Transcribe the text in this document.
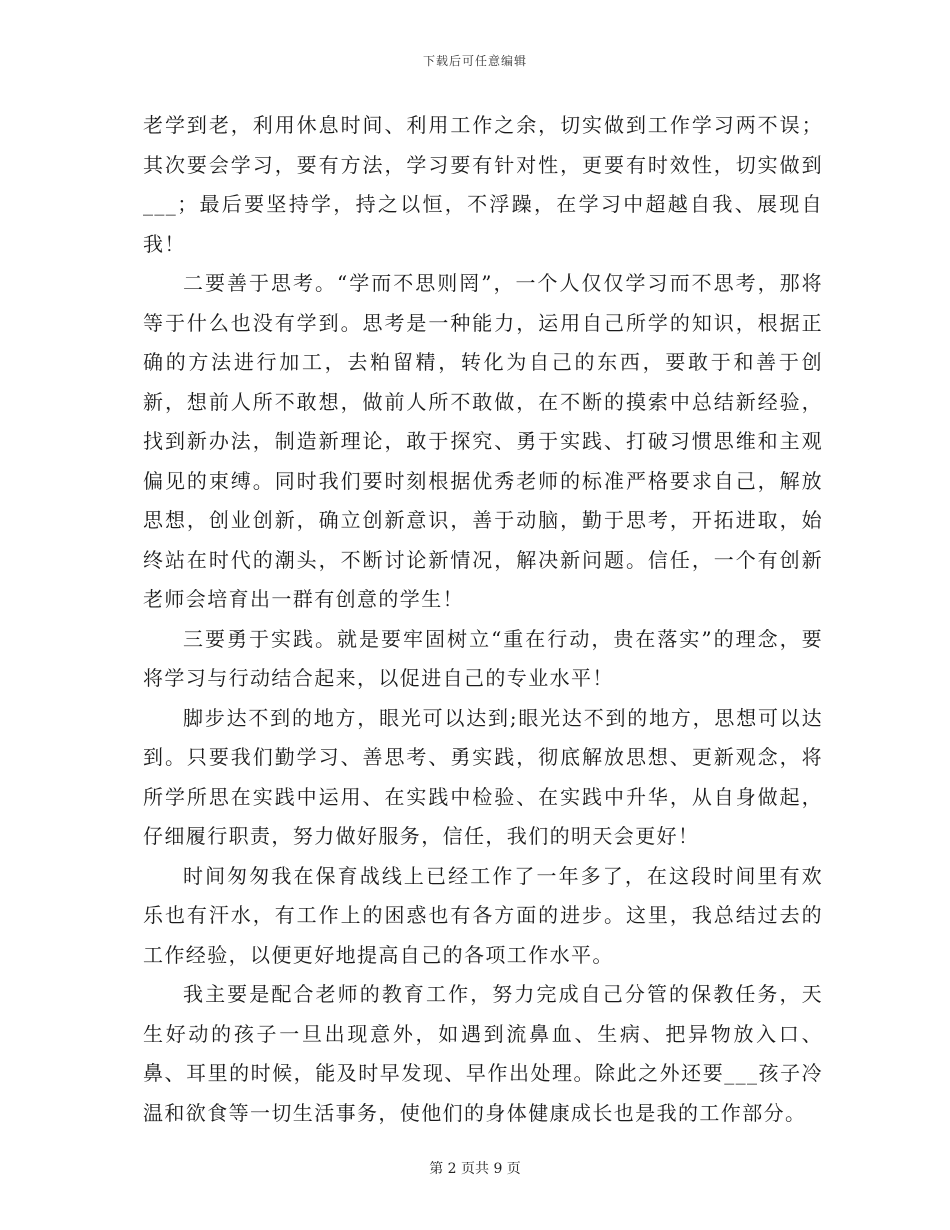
下载后可任意编辑

老学到老，利用休息时间、利用工作之余，切实做到工作学习两不误；其次要会学习，要有方法，学习要有针对性，更要有时效性，切实做到___；最后要坚持学，持之以恒，不浮躁，在学习中超越自我、展现自我！

二要善于思考。“学而不思则罔”，一个人仅仅学习而不思考，那将等于什么也没有学到。思考是一种能力，运用自己所学的知识，根据正确的方法进行加工，去粕留精，转化为自己的东西，要敢于和善于创新，想前人所不敢想，做前人所不敢做，在不断的摸索中总结新经验，找到新办法，制造新理论，敢于探究、勇于实践、打破习惯思维和主观偏见的束缚。同时我们要时刻根据优秀老师的标准严格要求自己，解放思想，创业创新，确立创新意识，善于动脑，勤于思考，开拓进取，始终站在时代的潮头，不断讨论新情况，解决新问题。信任，一个有创新老师会培育出一群有创意的学生！

三要勇于实践。就是要牢固树立“重在行动，贵在落实”的理念，要将学习与行动结合起来，以促进自己的专业水平！

脚步达不到的地方，眼光可以达到;眼光达不到的地方，思想可以达到。只要我们勤学习、善思考、勇实践，彻底解放思想、更新观念，将所学所思在实践中运用、在实践中检验、在实践中升华，从自身做起，仔细履行职责，努力做好服务，信任，我们的明天会更好！

时间匆匆我在保育战线上已经工作了一年多了，在这段时间里有欢乐也有汗水，有工作上的困惑也有各方面的进步。这里，我总结过去的工作经验，以便更好地提高自己的各项工作水平。

我主要是配合老师的教育工作，努力完成自己分管的保教任务，天生好动的孩子一旦出现意外，如遇到流鼻血、生病、把异物放入口、鼻、耳里的时候，能及时早发现、早作出处理。除此之外还要___孩子冷温和欲食等一切生活事务，使他们的身体健康成长也是我的工作部分。

第 2 页共 9 页
